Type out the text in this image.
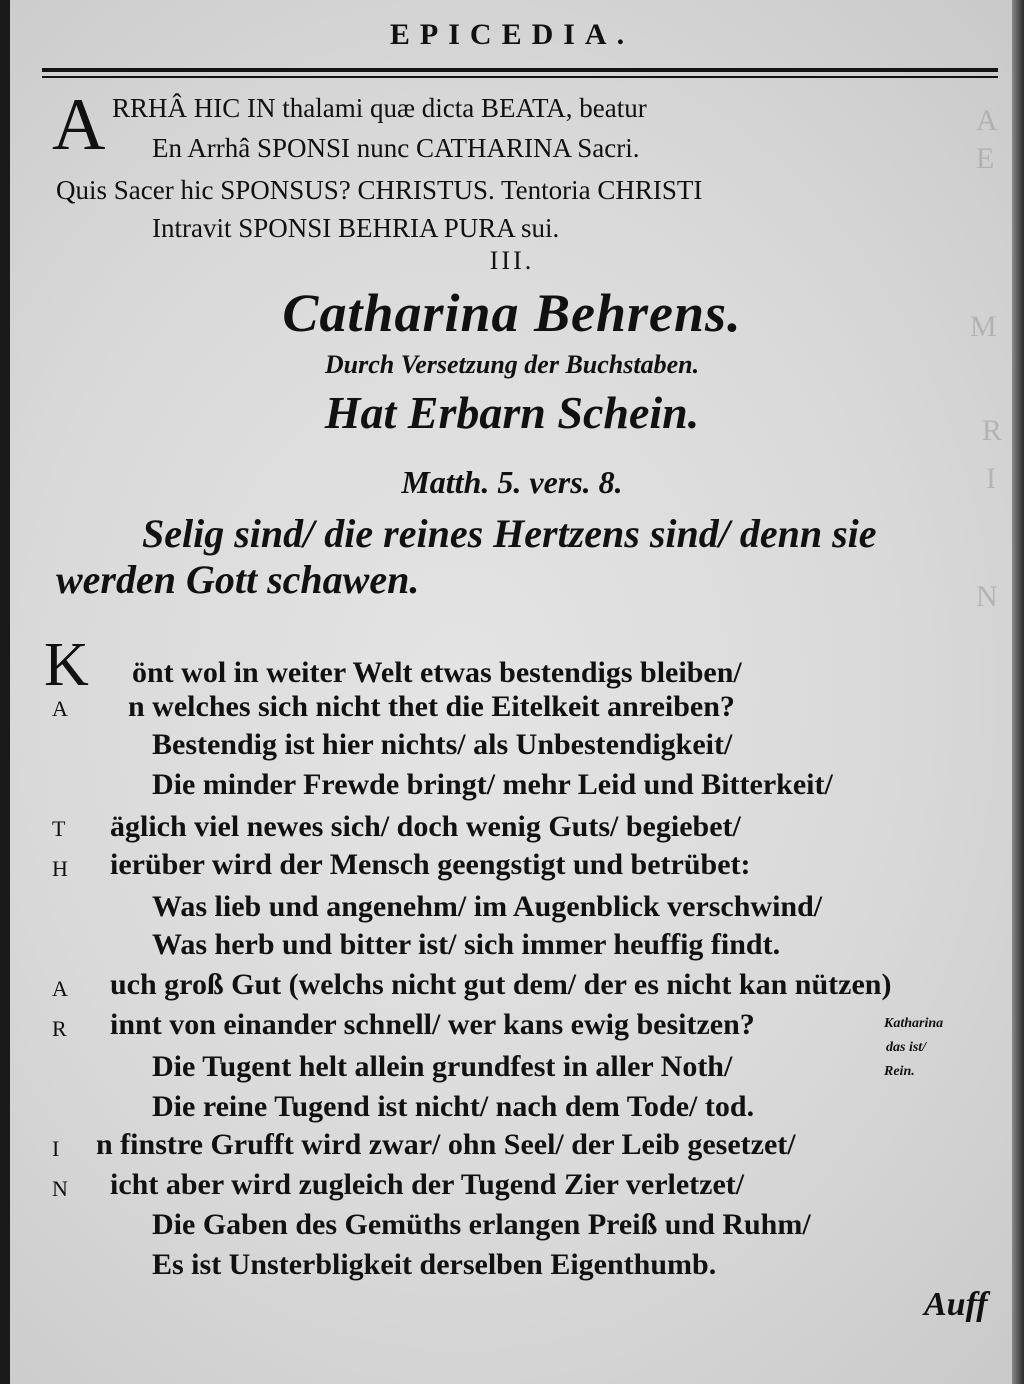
A
E
M
R
I
N
EPICEDIA.
A RRHÂ HIC IN thalami quæ dicta BEATA, beatur
En Arrhâ SPONSI nunc CATHARINA Sacri.
Quis Sacer hic SPONSUS? CHRISTUS. Tentoria CHRISTI
Intravit SPONSI BEHRIA PURA sui.
III.
Catharina Behrens.
Durch Versetzung der Buchstaben.
Hat Erbarn Schein.
Matth. 5. vers. 8.
Selig sind/ die reines Hertzens sind/ denn sie
werden Gott schawen.
K önt wol in weiter Welt etwas bestendigs bleiben/
A	n welches sich nicht thet die Eitelkeit anreiben?
Bestendig ist hier nichts/ als Unbestendigkeit/
Die minder Frewde bringt/ mehr Leid und Bitterkeit/
T	äglich viel newes sich/ doch wenig Guts/ begiebet/
H	ierüber wird der Mensch geengstigt und betrübet:
Was lieb und angenehm/ im Augenblick verschwind/
Was herb und bitter ist/ sich immer heuffig findt.
A	uch groß Gut (welchs nicht gut dem/ der es nicht kan nützen)
R	innt von einander schnell/ wer kans ewig besitzen?
Die Tugent helt allein grundfest in aller Noth/
Die reine Tugend ist nicht/ nach dem Tode/ tod.
I	n finstre Grufft wird zwar/ ohn Seel/ der Leib gesetzet/
N	icht aber wird zugleich der Tugend Zier verletzet/
Die Gaben des Gemüths erlangen Preiß und Ruhm/
Es ist Unsterbligkeit derselben Eigenthumb.
Katharina
das ist/
Rein.
Auff
